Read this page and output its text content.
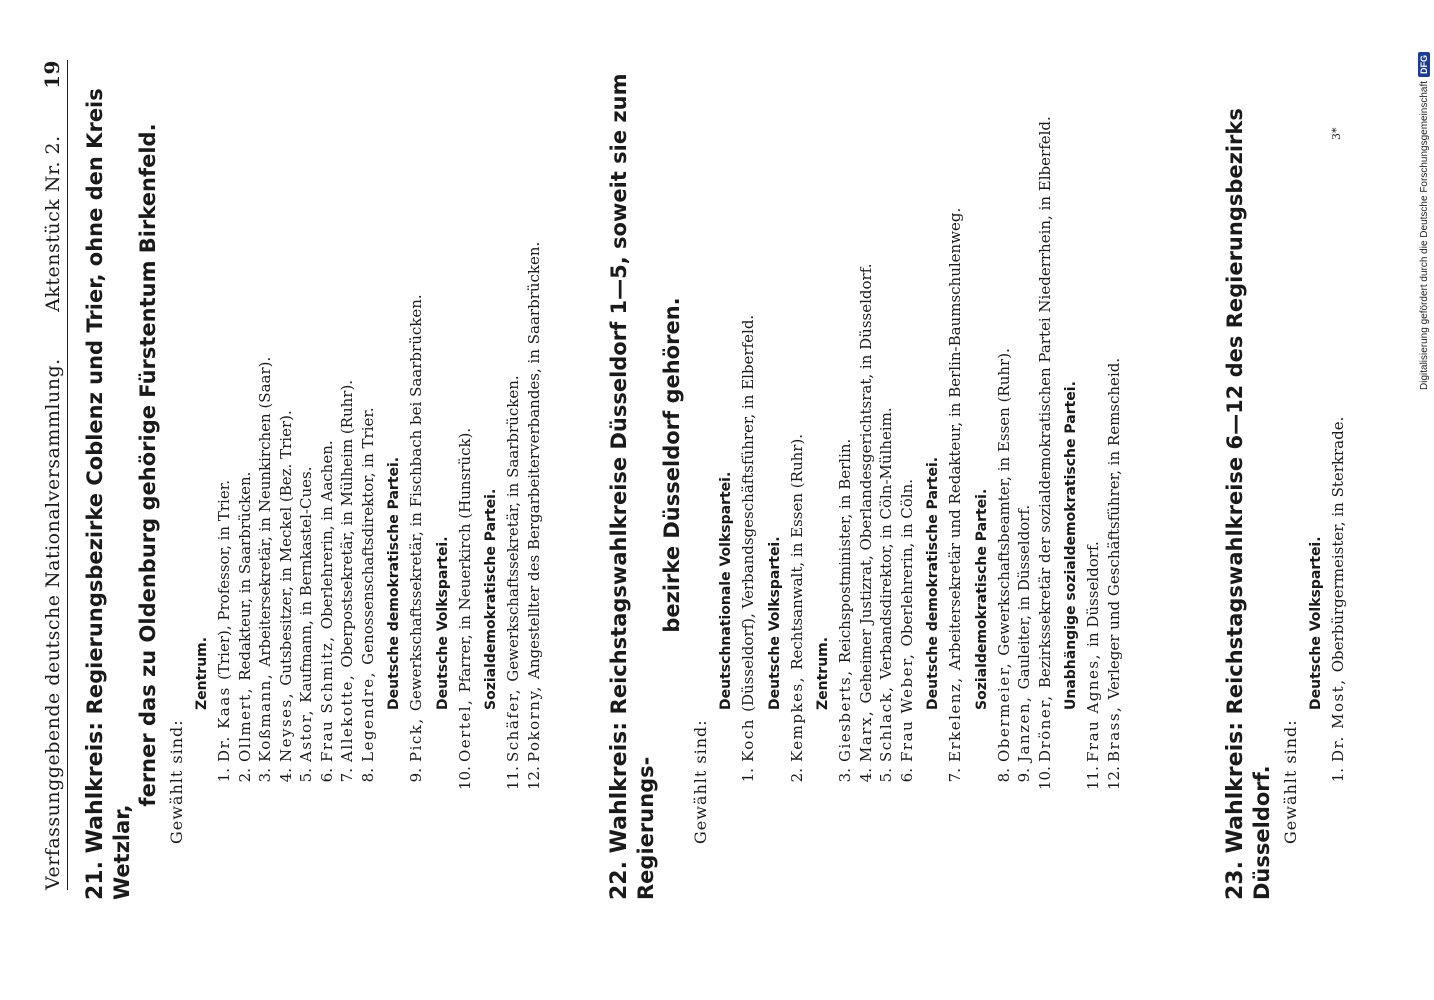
Verfassunggebende deutsche Nationalversammlung.
Aktenstück Nr. 2.
19
21. Wahlkreis: Regierungsbezirke Coblenz und Trier, ohne den Kreis Wetzlar,
ferner das zu Oldenburg gehörige Fürstentum Birkenfeld. Gewählt sind:
Zentrum.
1.Dr. Kaas (Trier), Professor, in Trier.
2.Ollmert, Redakteur, in Saarbrücken.
3.Koßmann, Arbeitersekretär, in Neunkirchen (Saar).
4.Neyses, Gutsbesitzer, in Meckel (Bez. Trier).
5.Astor, Kaufmann, in Bernkastel-Cues.
6.Frau Schmitz, Oberlehrerin, in Aachen.
7.Allekotte, Oberpostsekretär, in Mülheim (Ruhr).
8.Legendre, Genossenschaftsdirektor, in Trier. Deutsche demokratische Partei.
9.Pick, Gewerkschaftssekretär, in Fischbach bei Saarbrücken. Deutsche Volkspartei.
10.Oertel, Pfarrer, in Neuerkirch (Hunsrück). Sozialdemokratische Partei.
11.Schäfer, Gewerkschaftssekretär, in Saarbrücken.
12.Pokorny, Angestellter des Bergarbeiterverbandes, in Saarbrücken.
22. Wahlkreis: Reichstagswahlkreise Düsseldorf 1—5, soweit sie zum Regierungs-
bezirke Düsseldorf gehören.
Gewählt sind:
Deutschnationale Volkspartei.
1.Koch (Düsseldorf), Verbandsgeschäftsführer, in Elberfeld. Deutsche Volkspartei.
2.Kempkes, Rechtsanwalt, in Essen (Ruhr).
Zentrum.
3.Giesberts, Reichspostminister, in Berlin.
4.Marx, Geheimer Justizrat, Oberlandesgerichtsrat, in Düsseldorf.
5.Schlack, Verbandsdirektor, in Cöln-Mülheim.
6.Frau Weber, Oberlehrerin, in Cöln. Deutsche demokratische Partei.
7.Erkelenz, Arbeitersekretär und Redakteur, in Berlin-Baumschulenweg. Sozialdemokratische Partei.
8.Obermeier, Gewerkschaftsbeamter, in Essen (Ruhr).
9.Janzen, Gauleiter, in Düsseldorf.
10.Dröner, Bezirkssekretär der sozialdemokratischen Partei Niederrhein, in Elberfeld. Unabhängige sozialdemokratische Partei.
11.Frau Agnes, in Düsseldorf.
12.Brass, Verleger und Geschäftsführer, in Remscheid.
23. Wahlkreis: Reichstagswahlkreise 6—12 des Regierungsbezirks Düsseldorf. Gewählt sind:
Deutsche Volkspartei.
1.Dr. Most, Oberbürgermeister, in Sterkrade.
3*	Digitalisierung gefördert durch die Deutsche Forschungsgemeinschaft
DFG
